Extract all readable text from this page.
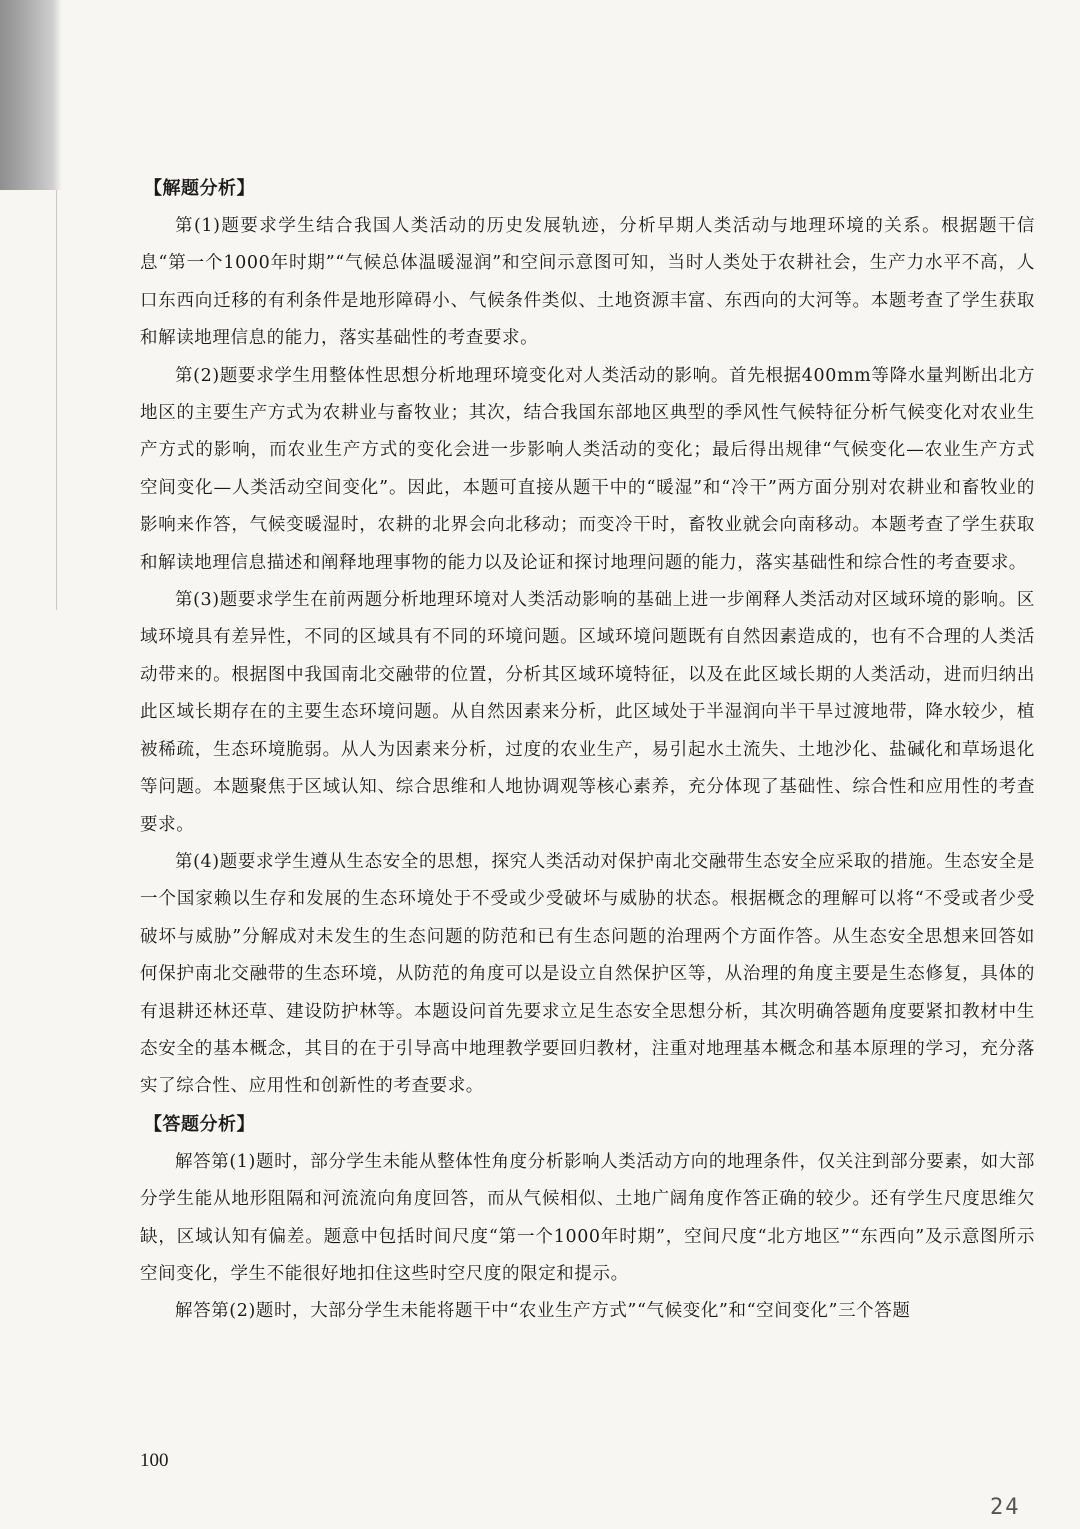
【解题分析】

第(1)题要求学生结合我国人类活动的历史发展轨迹，分析早期人类活动与地理环境的关系。根据题干信息“第一个1000年时期”“气候总体温暖湿润”和空间示意图可知，当时人类处于农耕社会，生产力水平不高，人口东西向迁移的有利条件是地形障碍小、气候条件类似、土地资源丰富、东西向的大河等。本题考查了学生获取和解读地理信息的能力，落实基础性的考查要求。

第(2)题要求学生用整体性思想分析地理环境变化对人类活动的影响。首先根据400mm等降水量判断出北方地区的主要生产方式为农耕业与畜牧业；其次，结合我国东部地区典型的季风性气候特征分析气候变化对农业生产方式的影响，而农业生产方式的变化会进一步影响人类活动的变化；最后得出规律“气候变化—农业生产方式空间变化—人类活动空间变化”。因此，本题可直接从题干中的“暖湿”和“冷干”两方面分别对农耕业和畜牧业的影响来作答，气候变暖湿时，农耕的北界会向北移动；而变冷干时，畜牧业就会向南移动。本题考查了学生获取和解读地理信息描述和阐释地理事物的能力以及论证和探讨地理问题的能力，落实基础性和综合性的考查要求。

第(3)题要求学生在前两题分析地理环境对人类活动影响的基础上进一步阐释人类活动对区域环境的影响。区域环境具有差异性，不同的区域具有不同的环境问题。区域环境问题既有自然因素造成的，也有不合理的人类活动带来的。根据图中我国南北交融带的位置，分析其区域环境特征，以及在此区域长期的人类活动，进而归纳出此区域长期存在的主要生态环境问题。从自然因素来分析，此区域处于半湿润向半干旱过渡地带，降水较少，植被稀疏，生态环境脆弱。从人为因素来分析，过度的农业生产，易引起水土流失、土地沙化、盐碱化和草场退化等问题。本题聚焦于区域认知、综合思维和人地协调观等核心素养，充分体现了基础性、综合性和应用性的考查要求。

第(4)题要求学生遵从生态安全的思想，探究人类活动对保护南北交融带生态安全应采取的措施。生态安全是一个国家赖以生存和发展的生态环境处于不受或少受破坏与威胁的状态。根据概念的理解可以将“不受或者少受破坏与威胁”分解成对未发生的生态问题的防范和已有生态问题的治理两个方面作答。从生态安全思想来回答如何保护南北交融带的生态环境，从防范的角度可以是设立自然保护区等，从治理的角度主要是生态修复，具体的有退耕还林还草、建设防护林等。本题设问首先要求立足生态安全思想分析，其次明确答题角度要紧扣教材中生态安全的基本概念，其目的在于引导高中地理教学要回归教材，注重对地理基本概念和基本原理的学习，充分落实了综合性、应用性和创新性的考查要求。

【答题分析】

解答第(1)题时，部分学生未能从整体性角度分析影响人类活动方向的地理条件，仅关注到部分要素，如大部分学生能从地形阻隔和河流流向角度回答，而从气候相似、土地广阔角度作答正确的较少。还有学生尺度思维欠缺，区域认知有偏差。题意中包括时间尺度“第一个1000年时期”，空间尺度“北方地区”“东西向”及示意图所示空间变化，学生不能很好地扣住这些时空尺度的限定和提示。

解答第(2)题时，大部分学生未能将题干中“农业生产方式”“气候变化”和“空间变化”三个答题

100
24
